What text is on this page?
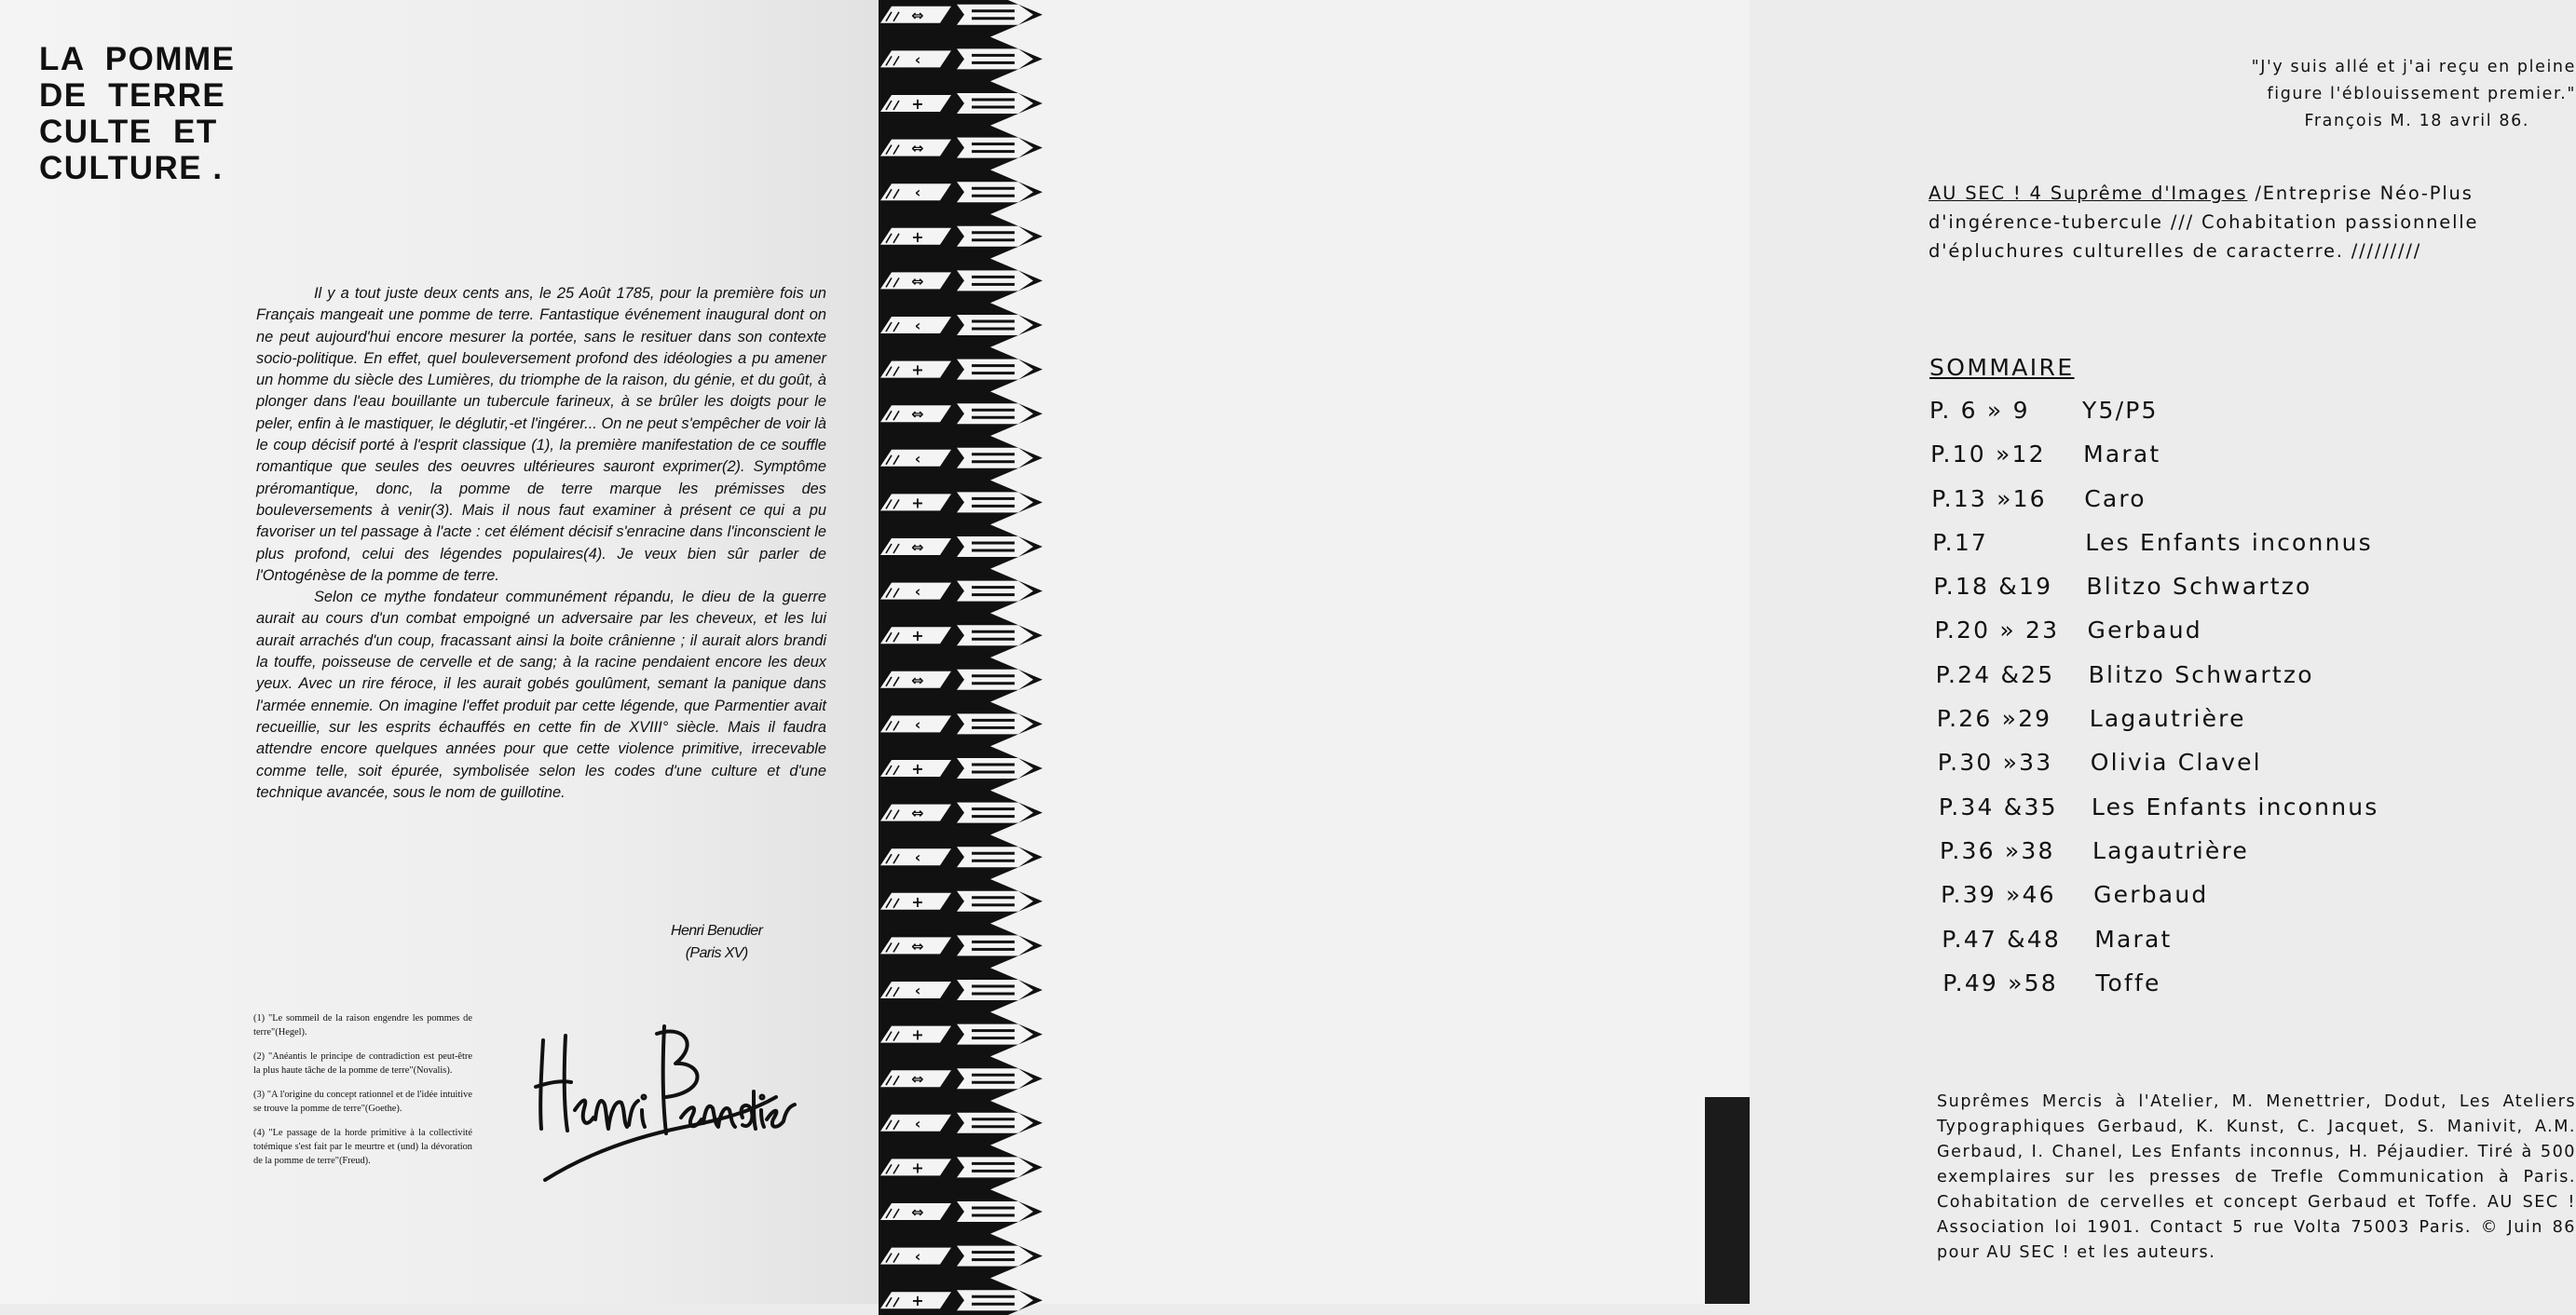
LA  POMME
DE  TERRE
CULTE  ET
CULTURE .

Il y a tout juste deux cents ans, le 25 Août 1785, pour la première fois un Français mangeait une pomme de terre. Fantastique événement inaugural dont on ne peut aujourd'hui encore mesurer la portée, sans le resituer dans son contexte socio-politique. En effet, quel bouleversement profond des idéologies a pu amener un homme du siècle des Lumières, du triomphe de la raison, du génie, et du goût, à plonger dans l'eau bouillante un tubercule farineux, à se brûler les doigts pour le peler, enfin à le mastiquer, le déglutir,-et l'ingérer... On ne peut s'empêcher de voir là le coup décisif porté à l'esprit classique (1), la première manifestation de ce souffle romantique que seules des oeuvres ultérieures sauront exprimer(2). Symptôme préromantique, donc, la pomme de terre marque les prémisses des bouleversements à venir(3). Mais il nous faut examiner à présent ce qui a pu favoriser un tel passage à l'acte : cet élément décisif s'enracine dans l'inconscient le plus profond, celui des légendes populaires(4). Je veux bien sûr parler de l'Ontogénèse de la pomme de terre.

Selon ce mythe fondateur communément répandu, le dieu de la guerre aurait au cours d'un combat empoigné un adversaire par les cheveux, et les lui aurait arrachés d'un coup, fracassant ainsi la boite crânienne ; il aurait alors brandi la touffe, poisseuse de cervelle et de sang; à la racine pendaient encore les deux yeux. Avec un rire féroce, il les aurait gobés goulûment, semant la panique dans l'armée ennemie. On imagine l'effet produit par cette légende, que Parmentier avait recueillie, sur les esprits échauffés en cette fin de XVIII° siècle. Mais il faudra attendre encore quelques années pour que cette violence primitive, irrecevable comme telle, soit épurée, symbolisée selon les codes d'une culture et d'une technique avancée, sous le nom de guillotine.

Henri Benudier
(Paris XV)

(1) "Le sommeil de la raison engendre les pommes de terre"(Hegel).

(2) "Anéantis le principe de contradiction est peut-être la plus haute tâche de la pomme de terre"(Novalis).

(3) "A l'origine du concept rationnel et de l'idée intuitive se trouve la pomme de terre"(Goethe).

(4) "Le passage de la horde primitive à la collectivité totémique s'est fait par le meurtre et (und) la dévoration de la pomme de terre"(Freud).

"J'y suis allé et j'ai reçu en pleine
figure l'éblouissement premier."
François M. 18 avril 86.
AU SEC ! 4 Suprême d'Images /Entreprise Néo-Plus
d'ingérence-tubercule /// Cohabitation passionnelle
d'épluchures culturelles de caracterre. /////////
SOMMAIRE
P. 6 » 9 Y5/P5
P.10 »12 Marat
P.13 »16 Caro
P.17	Les Enfants inconnus
P.18 &19 Blitzo Schwartzo
P.20 » 23 Gerbaud
P.24 &25 Blitzo Schwartzo
P.26 »29 Lagautrière
P.30 »33 Olivia Clavel
P.34 &35 Les Enfants inconnus
P.36 »38 Lagautrière
P.39 »46 Gerbaud
P.47 &48 Marat
P.49 »58 Toffe
Suprêmes Mercis à l'Atelier, M. Menettrier, Dodut, Les Ateliers Typographiques Gerbaud, K. Kunst, C. Jacquet, S. Manivit, A.M. Gerbaud, I. Chanel, Les Enfants inconnus, H. Péjaudier. Tiré à 500 exemplaires sur les presses de Trefle Communication à Paris. Cohabitation de cervelles et concept Gerbaud et Toffe. AU SEC ! Association loi 1901. Contact 5 rue Volta 75003 Paris. © Juin 86 pour AU SEC ! et les auteurs.
⇔
‹
+
⇔
‹
+
⇔
‹
+
⇔
‹
+
⇔
‹
+
⇔
‹
+
⇔
‹
+
⇔
‹
+
⇔
‹
+
⇔
‹
+
